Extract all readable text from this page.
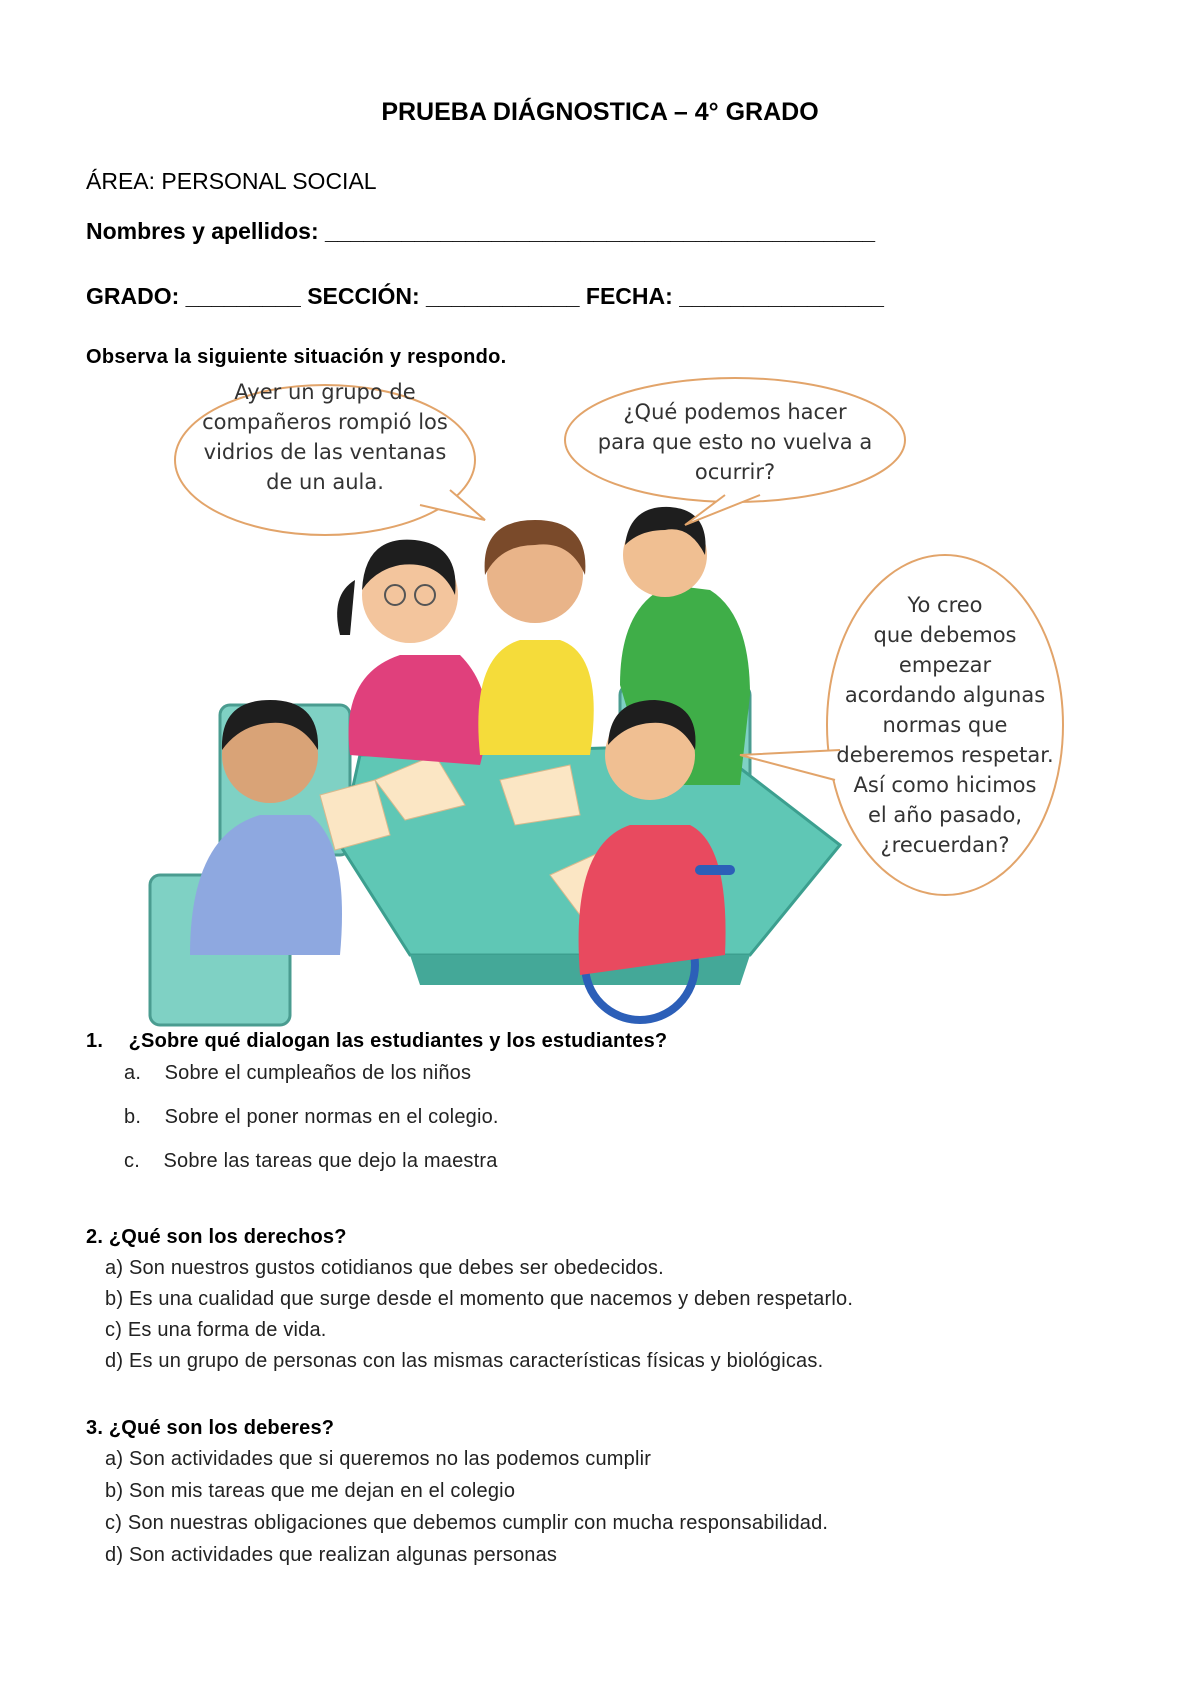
PRUEBA DIÁGNOSTICA – 4° GRADO
ÁREA: PERSONAL SOCIAL
Nombres y apellidos: ___________________________________________
GRADO: _________ SECCIÓN: ____________ FECHA: ________________
Observa la siguiente situación y respondo.
Ayer un grupo de
compañeros rompió los
vidrios de las ventanas
de un aula.
¿Qué podemos hacer
para que esto no vuelva a
ocurrir?
Yo creo
que debemos
empezar
acordando algunas
normas que
deberemos respetar.
Así como hicimos
el año pasado,
¿recuerdan?
1. ¿Sobre qué dialogan las estudiantes y los estudiantes?
a. Sobre el cumpleaños de los niños
b. Sobre el poner normas en el colegio.
c. Sobre las tareas que dejo la maestra
2. ¿Qué son los derechos?
a) Son nuestros gustos cotidianos que debes ser obedecidos.
b) Es una cualidad que surge desde el momento que nacemos y deben respetarlo.
c) Es una forma de vida.
d) Es un grupo de personas con las mismas características físicas y biológicas.
3. ¿Qué son los deberes?
a) Son actividades que si queremos no las podemos cumplir
b) Son mis tareas que me dejan en el colegio
c) Son nuestras obligaciones que debemos cumplir con mucha responsabilidad.
d) Son actividades que realizan algunas personas
